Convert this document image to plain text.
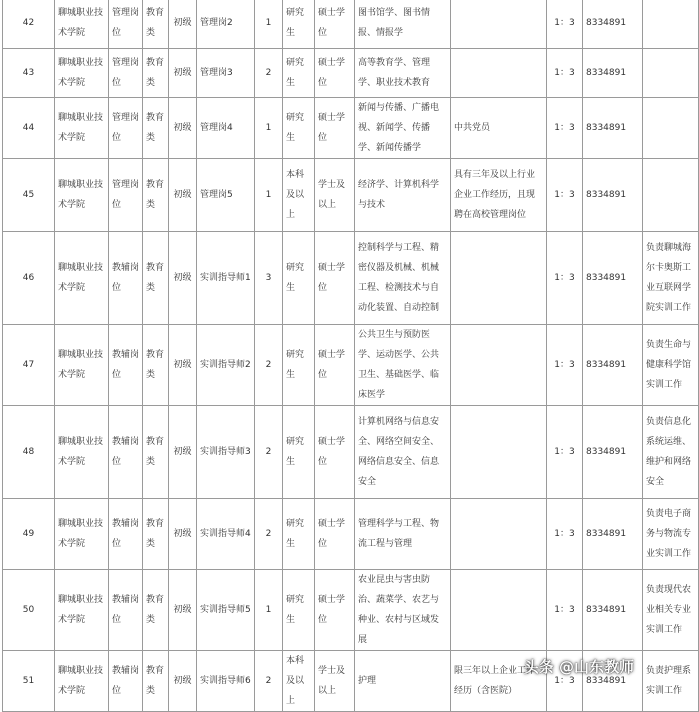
42	聊城职业技术学院	管理岗位	教育类	初级	管理岗2	1	研究生	硕士学位	图书馆学、图书情报、情报学		1：3	8334891	
43	聊城职业技术学院	管理岗位	教育类	初级	管理岗3	2	研究生	硕士学位	高等教育学、管理学、职业技术教育		1：3	8334891	
44	聊城职业技术学院	管理岗位	教育类	初级	管理岗4	1	研究生	硕士学位	新闻与传播、广播电视、新闻学、传播学、新闻传播学	中共党员	1：3	8334891	
45	聊城职业技术学院	管理岗位	教育类	初级	管理岗5	1	本科及以上	学士及以上	经济学、计算机科学与技术	具有三年及以上行业企业工作经历，且现聘在高校管理岗位	1：3	8334891	
46	聊城职业技术学院	教辅岗位	教育类	初级	实训指导师1	3	研究生	硕士学位	控制科学与工程、精密仪器及机械、机械工程、检测技术与自动化装置、自动控制		1：3	8334891	负责聊城海尔卡奥斯工业互联网学院实训工作
47	聊城职业技术学院	教辅岗位	教育类	初级	实训指导师2	2	研究生	硕士学位	公共卫生与预防医学、运动医学、公共卫生、基础医学、临床医学		1：3	8334891	负责生命与健康科学馆实训工作
48	聊城职业技术学院	教辅岗位	教育类	初级	实训指导师3	2	研究生	硕士学位	计算机网络与信息安全、网络空间安全、网络信息安全、信息安全		1：3	8334891	负责信息化系统运维、维护和网络安全
49	聊城职业技术学院	教辅岗位	教育类	初级	实训指导师4	2	研究生	硕士学位	管理科学与工程、物流工程与管理		1：3	8334891	负责电子商务与物流专业实训工作
50	聊城职业技术学院	教辅岗位	教育类	初级	实训指导师5	1	研究生	硕士学位	农业昆虫与害虫防治、蔬菜学、农艺与种业、农村与区域发展		1：3	8334891	负责现代农业相关专业实训工作
51	聊城职业技术学院	教辅岗位	教育类	初级	实训指导师6	2	本科及以上	学士及以上	护理	限三年以上企业工作经历（含医院）	1：3	8334891	负责护理系实训工作
头条 @山东教师
